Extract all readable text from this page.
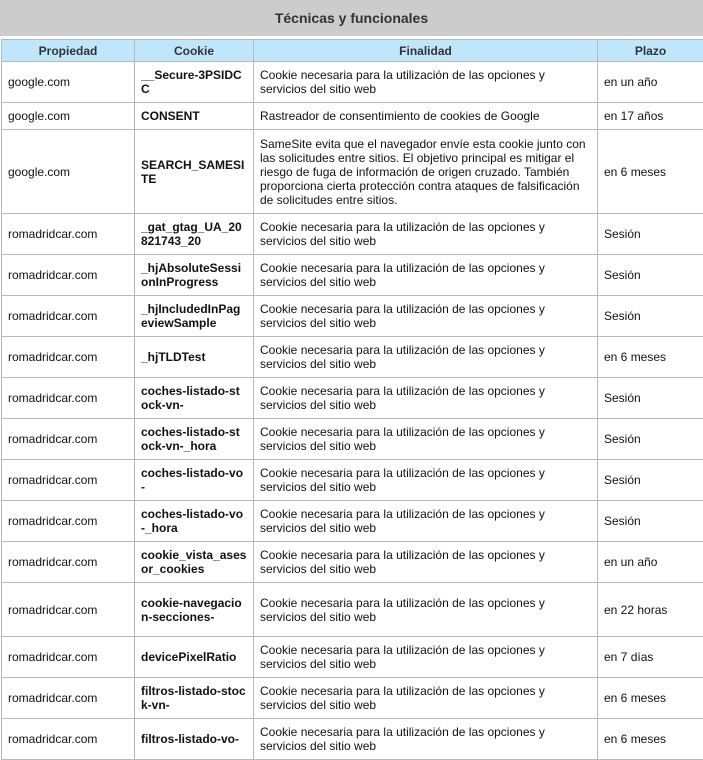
Técnicas y funcionales
Propiedad	Cookie	Finalidad	Plazo
google.com	__Secure-3PSIDCC	Cookie necesaria para la utilización de las opciones y servicios del sitio web	en un año
google.com	CONSENT	Rastreador de consentimiento de cookies de Google	en 17 años
google.com	SEARCH_SAMESITE	SameSite evita que el navegador envíe esta cookie junto con las solicitudes entre sitios. El objetivo principal es mitigar el riesgo de fuga de información de origen cruzado. También proporciona cierta protección contra ataques de falsificación de solicitudes entre sitios.	en 6 meses
romadridcar.com	_gat_gtag_UA_20821743_20	Cookie necesaria para la utilización de las opciones y servicios del sitio web	Sesión
romadridcar.com	_hjAbsoluteSessionInProgress	Cookie necesaria para la utilización de las opciones y servicios del sitio web	Sesión
romadridcar.com	_hjIncludedInPageviewSample	Cookie necesaria para la utilización de las opciones y servicios del sitio web	Sesión
romadridcar.com	_hjTLDTest	Cookie necesaria para la utilización de las opciones y servicios del sitio web	en 6 meses
romadridcar.com	coches-listado-stock-vn-	Cookie necesaria para la utilización de las opciones y servicios del sitio web	Sesión
romadridcar.com	coches-listado-stock-vn-_hora	Cookie necesaria para la utilización de las opciones y servicios del sitio web	Sesión
romadridcar.com	coches-listado-vo-	Cookie necesaria para la utilización de las opciones y servicios del sitio web	Sesión
romadridcar.com	coches-listado-vo-_hora	Cookie necesaria para la utilización de las opciones y servicios del sitio web	Sesión
romadridcar.com	cookie_vista_asesor_cookies	Cookie necesaria para la utilización de las opciones y servicios del sitio web	en un año
romadridcar.com	cookie-navegacion-secciones-	Cookie necesaria para la utilización de las opciones y servicios del sitio web	en 22 horas
romadridcar.com	devicePixelRatio	Cookie necesaria para la utilización de las opciones y servicios del sitio web	en 7 días
romadridcar.com	filtros-listado-stock-vn-	Cookie necesaria para la utilización de las opciones y servicios del sitio web	en 6 meses
romadridcar.com	filtros-listado-vo-	Cookie necesaria para la utilización de las opciones y servicios del sitio web	en 6 meses
